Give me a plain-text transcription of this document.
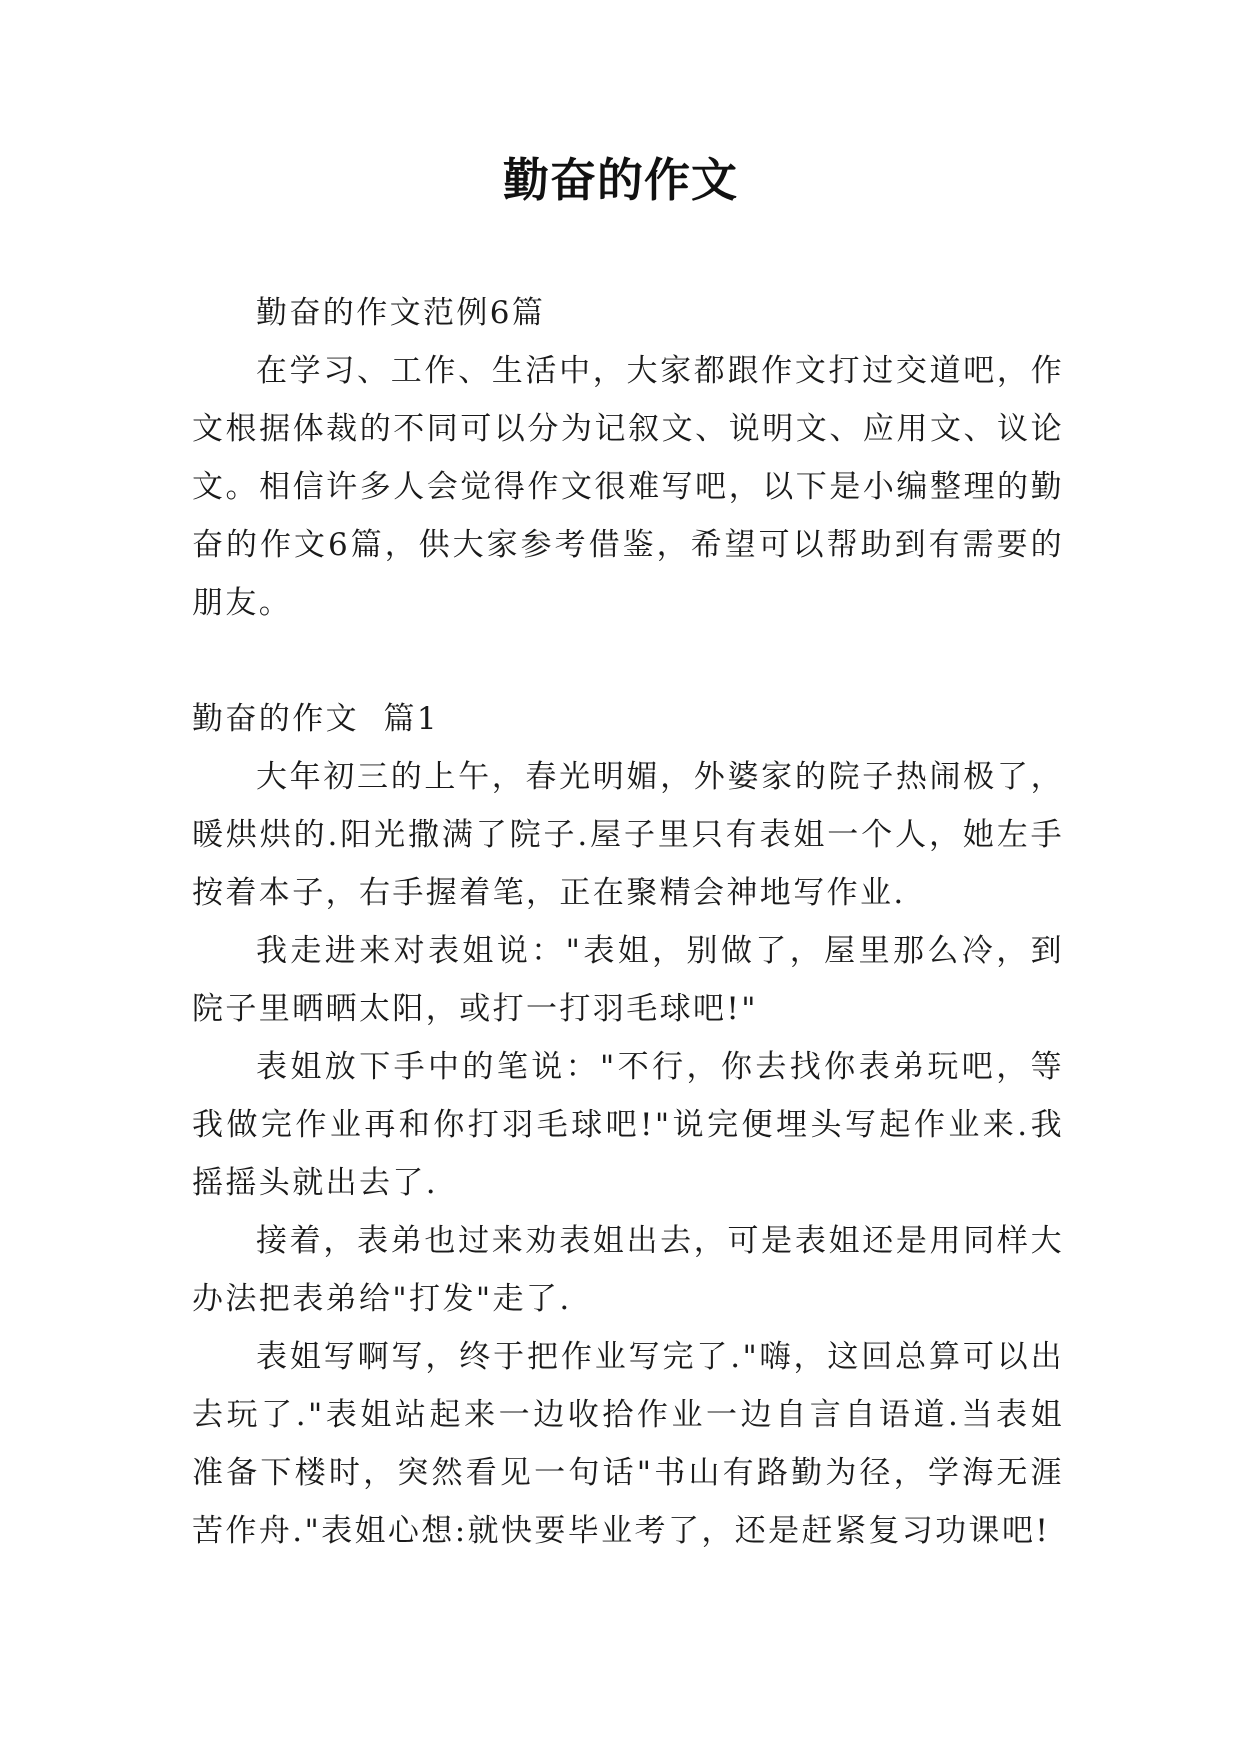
勤奋的作文

勤奋的作文范例6篇

在学习、工作、生活中，大家都跟作文打过交道吧，作文根据体裁的不同可以分为记叙文、说明文、应用文、议论文。相信许多人会觉得作文很难写吧，以下是小编整理的勤奋的作文6篇，供大家参考借鉴，希望可以帮助到有需要的朋友。

勤奋的作文  篇1

大年初三的上午，春光明媚，外婆家的院子热闹极了，暖烘烘的.阳光撒满了院子.屋子里只有表姐一个人，她左手按着本子，右手握着笔，正在聚精会神地写作业.

我走进来对表姐说："表姐，别做了，屋里那么冷，到院子里晒晒太阳，或打一打羽毛球吧!"

表姐放下手中的笔说："不行，你去找你表弟玩吧，等我做完作业再和你打羽毛球吧!"说完便埋头写起作业来.我摇摇头就出去了.

接着，表弟也过来劝表姐出去，可是表姐还是用同样大办法把表弟给"打发"走了.

表姐写啊写，终于把作业写完了."嗨，这回总算可以出去玩了."表姐站起来一边收拾作业一边自言自语道.当表姐准备下楼时，突然看见一句话"书山有路勤为径，学海无涯苦作舟."表姐心想:就快要毕业考了，还是赶紧复习功课吧!
